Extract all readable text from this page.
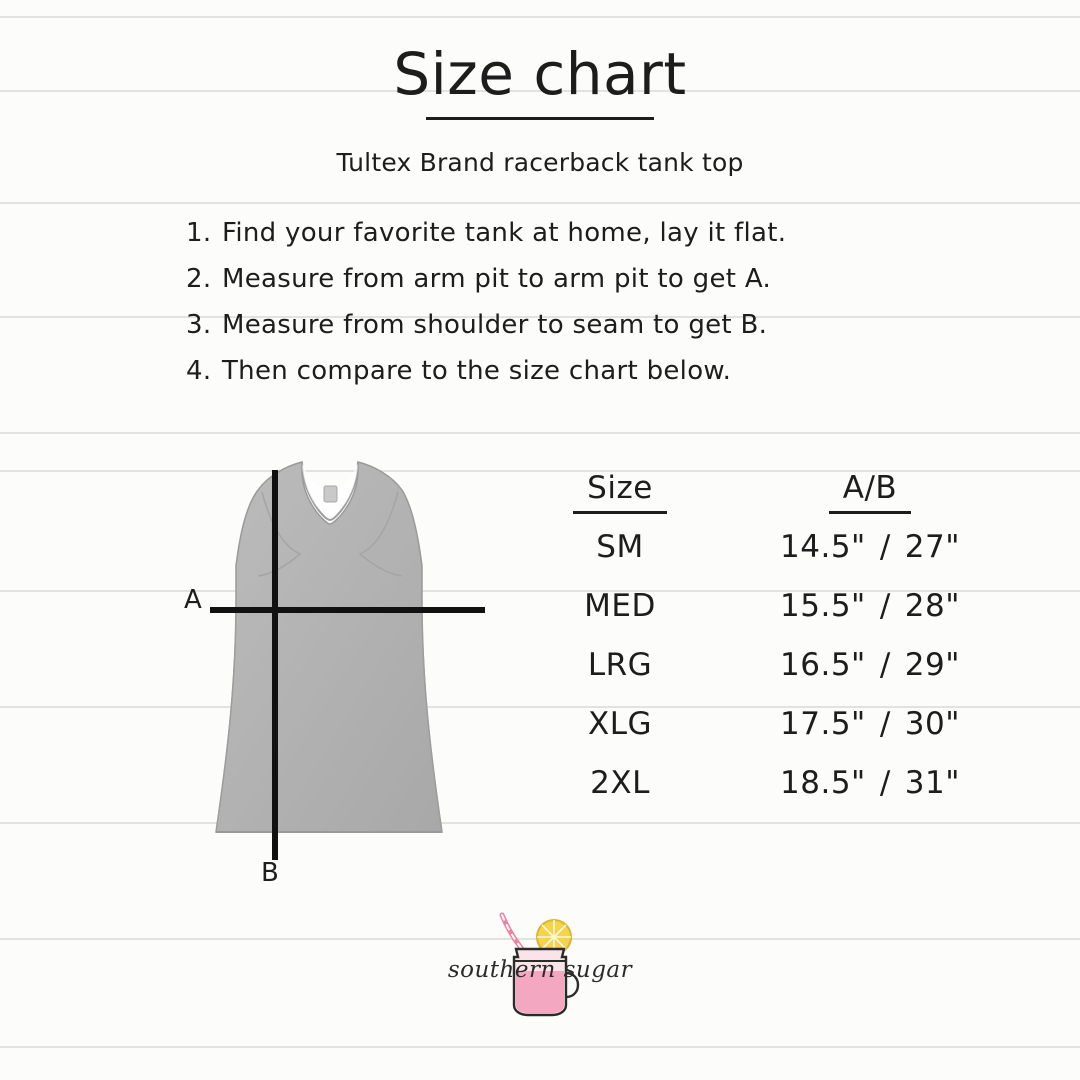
Size chart
Tultex Brand racerback tank top
1. Find your favorite tank at home, lay it flat.
2. Measure from arm pit to arm pit to get A.
3. Measure from shoulder to seam to get B.
4. Then compare to the size chart below.
A
B
Size	A/B
SM	14.5" / 27"
MED	15.5" / 28"
LRG	16.5" / 29"
XLG	17.5" / 30"
2XL	18.5" / 31"
southern sugar
